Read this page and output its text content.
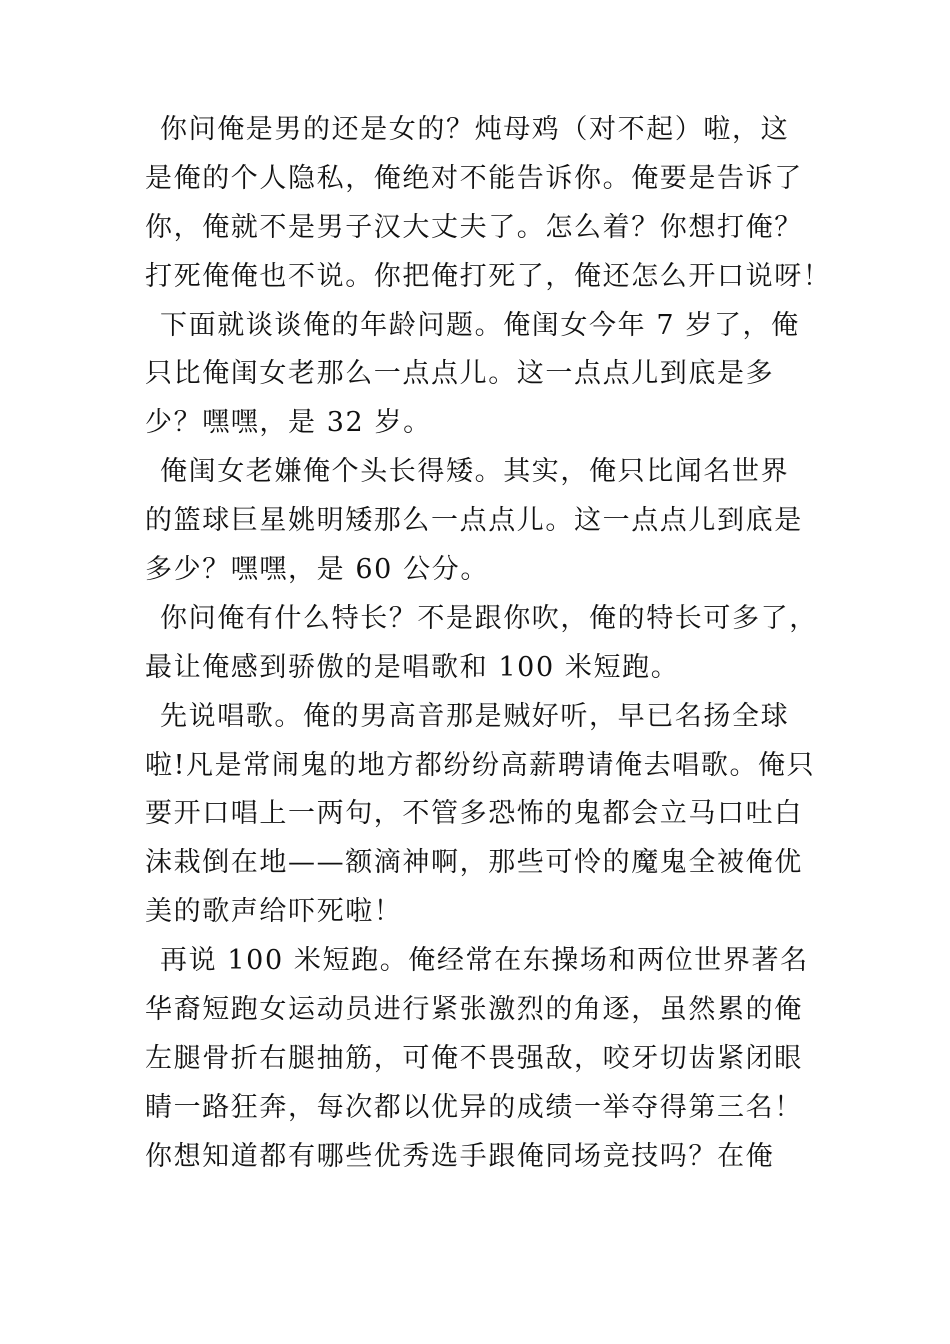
你问俺是男的还是女的？炖母鸡（对不起）啦，这
是俺的个人隐私，俺绝对不能告诉你。俺要是告诉了
你，俺就不是男子汉大丈夫了。怎么着？你想打俺？
打死俺俺也不说。你把俺打死了，俺还怎么开口说呀！
下面就谈谈俺的年龄问题。俺闺女今年 7 岁了，俺
只比俺闺女老那么一点点儿。这一点点儿到底是多
少？嘿嘿，是 32 岁。
俺闺女老嫌俺个头长得矮。其实，俺只比闻名世界
的篮球巨星姚明矮那么一点点儿。这一点点儿到底是
多少？嘿嘿，是 60 公分。
你问俺有什么特长？不是跟你吹，俺的特长可多了，
最让俺感到骄傲的是唱歌和 100 米短跑。
先说唱歌。俺的男高音那是贼好听，早已名扬全球
啦!凡是常闹鬼的地方都纷纷高薪聘请俺去唱歌。俺只
要开口唱上一两句，不管多恐怖的鬼都会立马口吐白
沫栽倒在地——额滴神啊，那些可怜的魔鬼全被俺优
美的歌声给吓死啦！
再说 100 米短跑。俺经常在东操场和两位世界著名
华裔短跑女运动员进行紧张激烈的角逐，虽然累的俺
左腿骨折右腿抽筋，可俺不畏强敌，咬牙切齿紧闭眼
睛一路狂奔，每次都以优异的成绩一举夺得第三名！
你想知道都有哪些优秀选手跟俺同场竞技吗？在俺
